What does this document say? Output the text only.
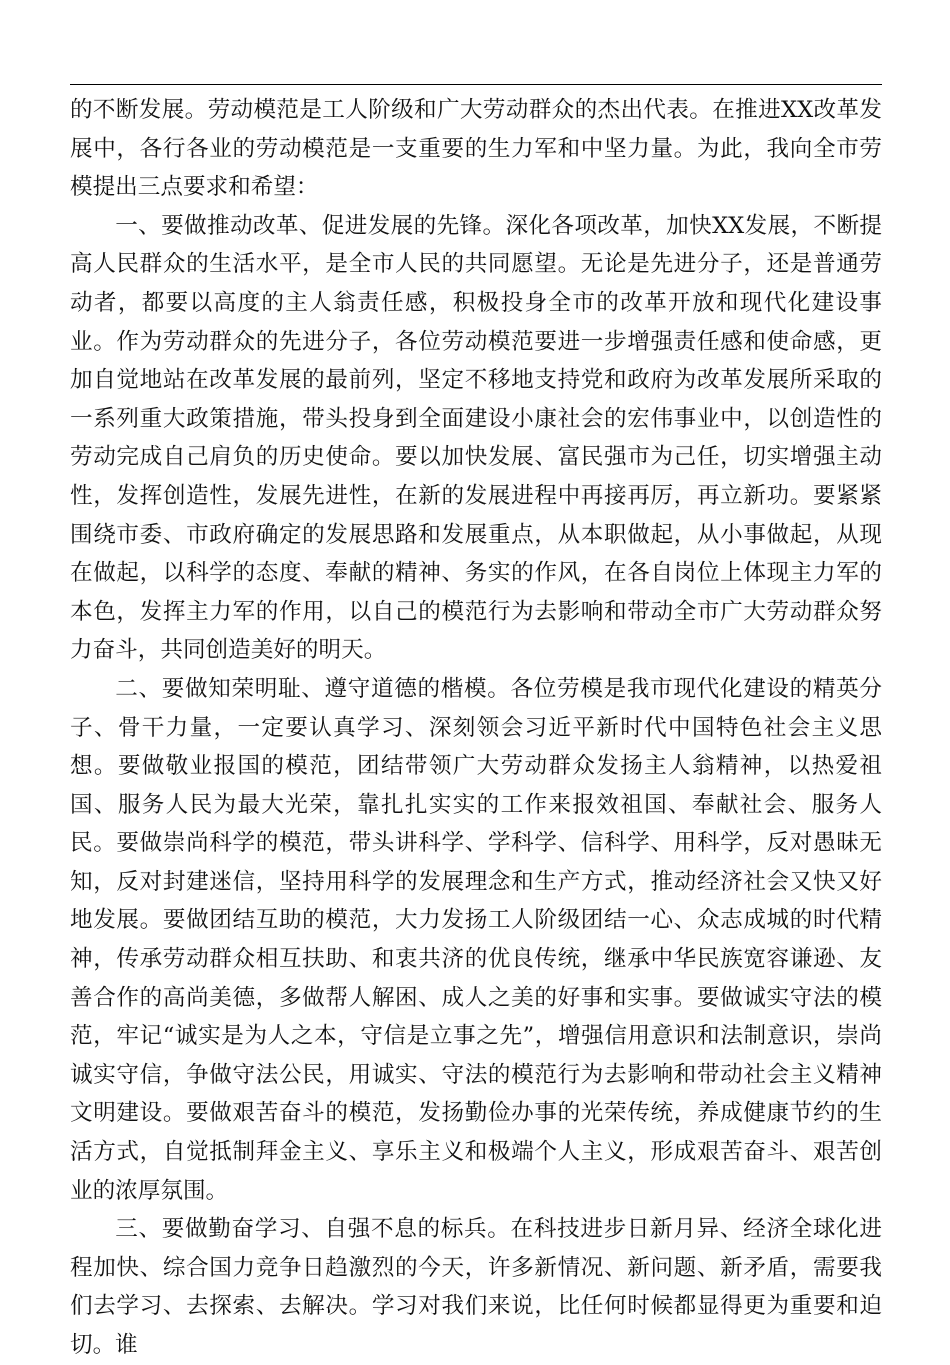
的不断发展。劳动模范是工人阶级和广大劳动群众的杰出代表。在推进XX改革发展中，各行各业的劳动模范是一支重要的生力军和中坚力量。为此，我向全市劳模提出三点要求和希望：

一、要做推动改革、促进发展的先锋。深化各项改革，加快XX发展，不断提高人民群众的生活水平，是全市人民的共同愿望。无论是先进分子，还是普通劳动者，都要以高度的主人翁责任感，积极投身全市的改革开放和现代化建设事业。作为劳动群众的先进分子，各位劳动模范要进一步增强责任感和使命感，更加自觉地站在改革发展的最前列，坚定不移地支持党和政府为改革发展所采取的一系列重大政策措施，带头投身到全面建设小康社会的宏伟事业中，以创造性的劳动完成自己肩负的历史使命。要以加快发展、富民强市为己任，切实增强主动性，发挥创造性，发展先进性，在新的发展进程中再接再厉，再立新功。要紧紧围绕市委、市政府确定的发展思路和发展重点，从本职做起，从小事做起，从现在做起，以科学的态度、奉献的精神、务实的作风，在各自岗位上体现主力军的本色，发挥主力军的作用，以自己的模范行为去影响和带动全市广大劳动群众努力奋斗，共同创造美好的明天。

二、要做知荣明耻、遵守道德的楷模。各位劳模是我市现代化建设的精英分子、骨干力量，一定要认真学习、深刻领会习近平新时代中国特色社会主义思想。要做敬业报国的模范，团结带领广大劳动群众发扬主人翁精神，以热爱祖国、服务人民为最大光荣，靠扎扎实实的工作来报效祖国、奉献社会、服务人民。要做崇尚科学的模范，带头讲科学、学科学、信科学、用科学，反对愚昧无知，反对封建迷信，坚持用科学的发展理念和生产方式，推动经济社会又快又好地发展。要做团结互助的模范，大力发扬工人阶级团结一心、众志成城的时代精神，传承劳动群众相互扶助、和衷共济的优良传统，继承中华民族宽容谦逊、友善合作的高尚美德，多做帮人解困、成人之美的好事和实事。要做诚实守法的模范，牢记“诚实是为人之本，守信是立事之先”，增强信用意识和法制意识，崇尚诚实守信，争做守法公民，用诚实、守法的模范行为去影响和带动社会主义精神文明建设。要做艰苦奋斗的模范，发扬勤俭办事的光荣传统，养成健康节约的生活方式，自觉抵制拜金主义、享乐主义和极端个人主义，形成艰苦奋斗、艰苦创业的浓厚氛围。

三、要做勤奋学习、自强不息的标兵。在科技进步日新月异、经济全球化进程加快、综合国力竞争日趋激烈的今天，许多新情况、新问题、新矛盾，需要我们去学习、去探索、去解决。学习对我们来说，比任何时候都显得更为重要和迫切。谁
